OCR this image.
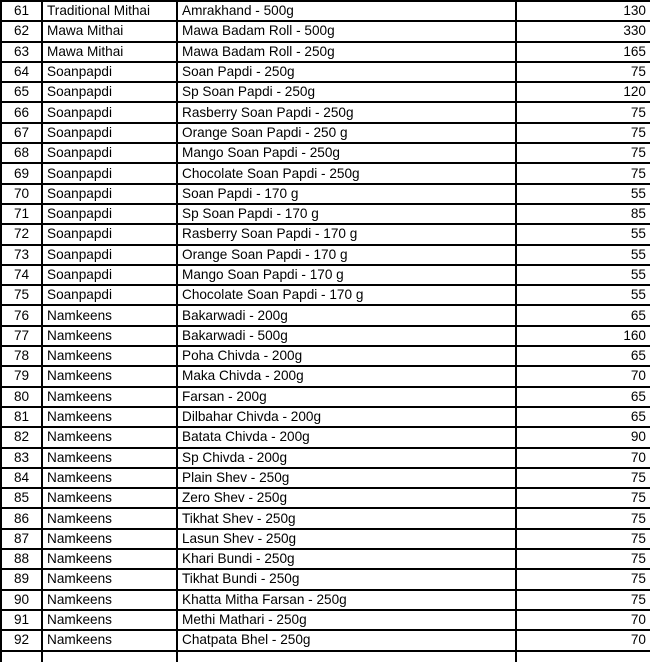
61	Traditional Mithai	Amrakhand - 500g	130
62	Mawa Mithai	Mawa Badam Roll - 500g	330
63	Mawa Mithai	Mawa Badam Roll - 250g	165
64	Soanpapdi	Soan Papdi - 250g	75
65	Soanpapdi	Sp Soan Papdi - 250g	120
66	Soanpapdi	Rasberry Soan Papdi - 250g	75
67	Soanpapdi	Orange Soan Papdi - 250 g	75
68	Soanpapdi	Mango Soan Papdi - 250g	75
69	Soanpapdi	Chocolate Soan Papdi - 250g	75
70	Soanpapdi	Soan Papdi - 170 g	55
71	Soanpapdi	Sp Soan Papdi - 170 g	85
72	Soanpapdi	Rasberry Soan Papdi - 170 g	55
73	Soanpapdi	Orange Soan Papdi - 170 g	55
74	Soanpapdi	Mango Soan Papdi - 170 g	55
75	Soanpapdi	Chocolate Soan Papdi - 170 g	55
76	Namkeens	Bakarwadi - 200g	65
77	Namkeens	Bakarwadi - 500g	160
78	Namkeens	Poha Chivda - 200g	65
79	Namkeens	Maka Chivda - 200g	70
80	Namkeens	Farsan - 200g	65
81	Namkeens	Dilbahar Chivda - 200g	65
82	Namkeens	Batata Chivda - 200g	90
83	Namkeens	Sp Chivda - 200g	70
84	Namkeens	Plain Shev - 250g	75
85	Namkeens	Zero Shev - 250g	75
86	Namkeens	Tikhat Shev - 250g	75
87	Namkeens	Lasun Shev - 250g	75
88	Namkeens	Khari Bundi - 250g	75
89	Namkeens	Tikhat Bundi - 250g	75
90	Namkeens	Khatta Mitha Farsan - 250g	75
91	Namkeens	Methi Mathari - 250g	70
92	Namkeens	Chatpata Bhel - 250g	70
